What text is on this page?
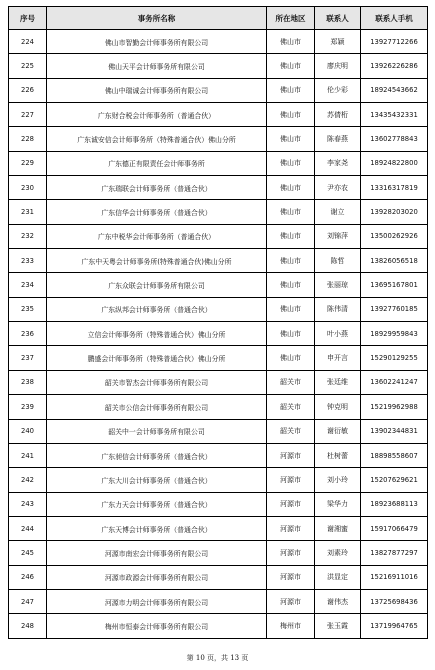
序号	事务所名称	所在地区	联系人	联系人手机
224	佛山市智勤会计师事务所有限公司	佛山市	郑颖	13927712266
225	佛山天平会计师事务所有限公司	佛山市	廖庆明	13926226286
226	佛山中瑞诚会计师事务所有限公司	佛山市	伦少彩	18924543662
227	广东财合税会计师事务所（普通合伙）	佛山市	苏倩桁	13435432331
228	广东诚安信会计师事务所（特殊普通合伙）佛山分所	佛山市	陈春燕	13602778843
229	广东德正有限责任会计师事务所	佛山市	李家尧	18924822800
230	广东瑞联会计师事务所（普通合伙）	佛山市	尹亦农	13316317819
231	广东信华会计师事务所（普通合伙）	佛山市	谢立	13928203020
232	广东中税华会计师事务所（普通合伙）	佛山市	刘锦萍	13500262926
233	广东中天粤会计师事务所(特殊普通合伙)佛山分所	佛山市	陈哲	13826056518
234	广东众联会计师事务所有限公司	佛山市	张丽琼	13695167801
235	广东纵邦会计师事务所（普通合伙）	佛山市	陈伟清	13927760185
236	立信会计师事务所（特殊普通合伙）佛山分所	佛山市	叶小燕	18929959843
237	鹏盛会计师事务所（特殊普通合伙）佛山分所	佛山市	申开言	15290129255
238	韶关市智杰会计师事务所有限公司	韶关市	张廷维	13602241247
239	韶关市公信会计师事务所有限公司	韶关市	钟克明	15219962988
240	韶关中一会计师事务所有限公司	韶关市	谢衍敏	13902344831
241	广东昶信会计师事务所（普通合伙）	河源市	杜树蕾	18898558607
242	广东大川会计师事务所（普通合伙）	河源市	刘小玲	15207629621
243	广东力天会计师事务所（普通合伙）	河源市	梁华力	18923688113
244	广东天博会计师事务所（普通合伙）	河源市	谢湘蜜	15917066479
245	河源市南宏会计师事务所有限公司	河源市	刘素玲	13827877297
246	河源市政源会计师事务所有限公司	河源市	洪显定	15216911016
247	河源市力明会计师事务所有限公司	河源市	谢伟杰	13725698436
248	梅州市恒泰会计师事务所有限公司	梅州市	张玉霞	13719964765
第 10 页，共 13 页
